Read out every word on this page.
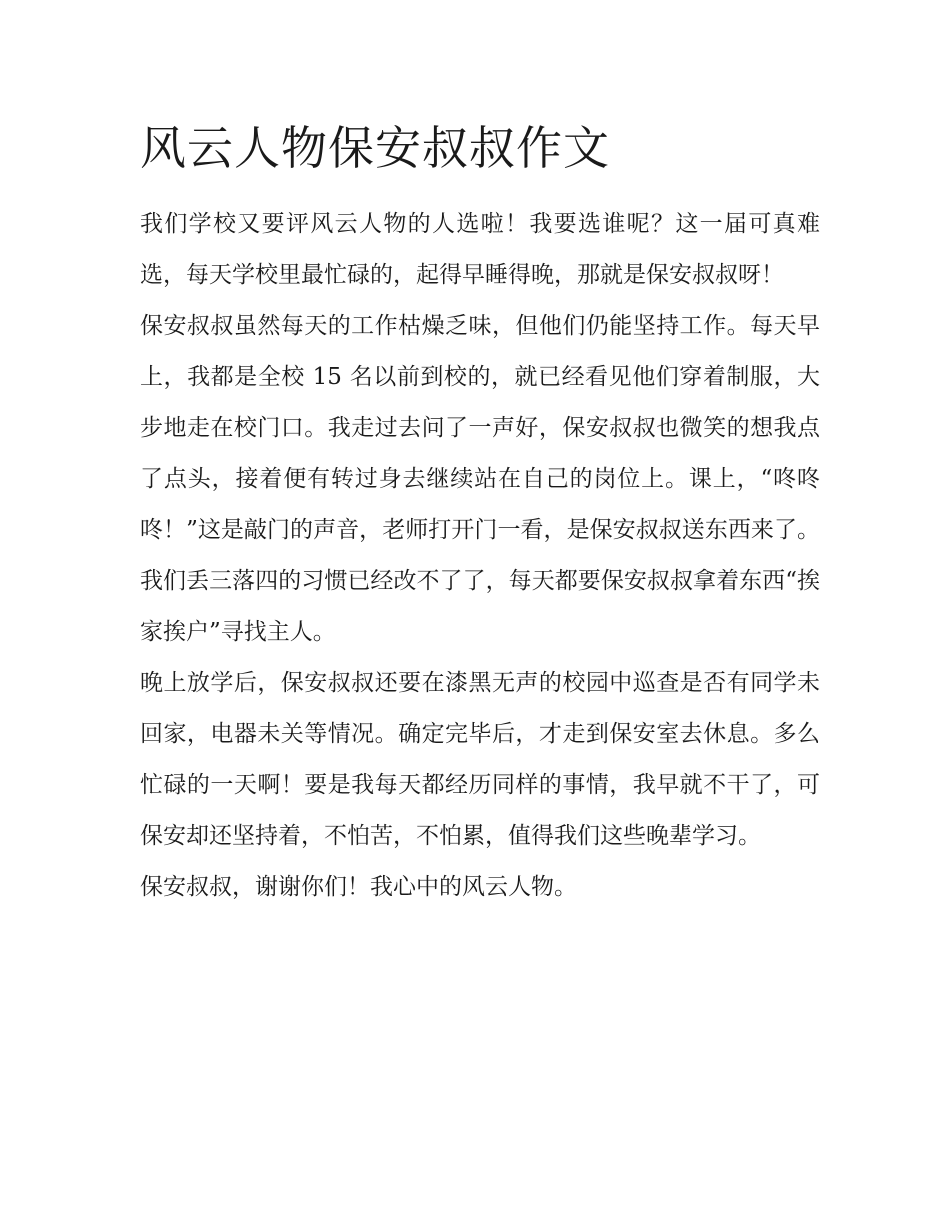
风云人物保安叔叔作文

我们学校又要评风云人物的人选啦！我要选谁呢？这一届可真难选，每天学校里最忙碌的，起得早睡得晚，那就是保安叔叔呀！

保安叔叔虽然每天的工作枯燥乏味，但他们仍能坚持工作。每天早上，我都是全校 15 名以前到校的，就已经看见他们穿着制服，大步地走在校门口。我走过去问了一声好，保安叔叔也微笑的想我点了点头，接着便有转过身去继续站在自己的岗位上。课上，“咚咚咚！”这是敲门的声音，老师打开门一看，是保安叔叔送东西来了。我们丢三落四的习惯已经改不了了，每天都要保安叔叔拿着东西“挨家挨户”寻找主人。

晚上放学后，保安叔叔还要在漆黑无声的校园中巡查是否有同学未回家，电器未关等情况。确定完毕后，才走到保安室去休息。多么忙碌的一天啊！要是我每天都经历同样的事情，我早就不干了，可保安却还坚持着，不怕苦，不怕累，值得我们这些晚辈学习。

保安叔叔，谢谢你们！我心中的风云人物。
